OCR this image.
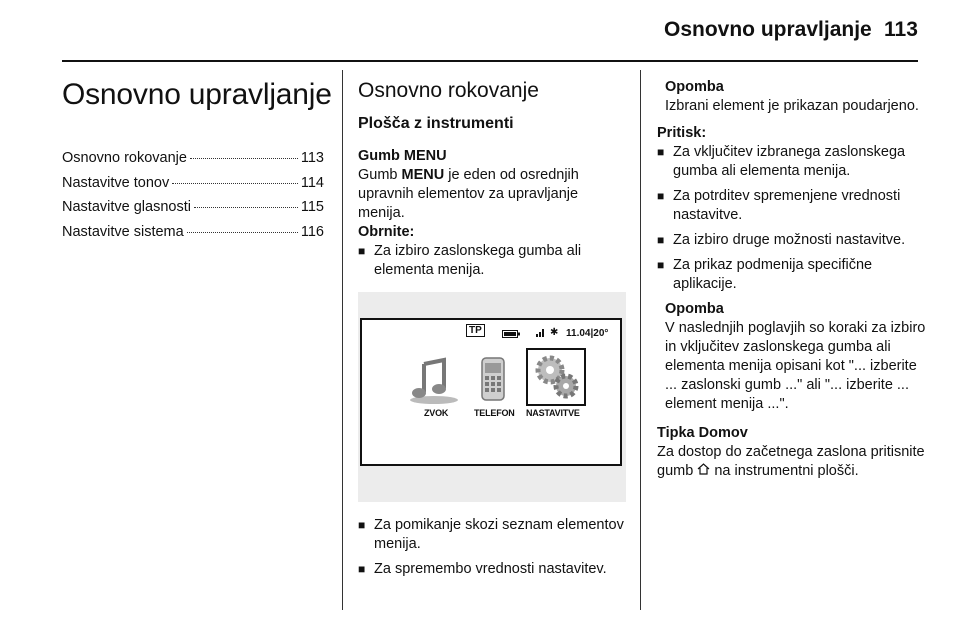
Osnovno upravljanje 113
Osnovno upravljanje
Osnovno rokovanje	113
Nastavitve tonov	114
Nastavitve glasnosti	115
Nastavitve sistema	116
Osnovno rokovanje
Plošča z instrumenti
Gumb MENU

Gumb MENU je eden od osrednjih upravnih elementov za upravljanje menija.

Obrnite:
■ Za izbiro zaslonskega gumba ali elementa menija.
TP	✱ 11.04|20°
ZVOK	TELEFON NASTAVITVE
■ Za pomikanje skozi seznam elementov menija.
■ Za spremembo vrednosti nastavitev.
Opomba

Izbrani element je prikazan poudarjeno.

Pritisk:
■ Za vključitev izbranega zaslonskega gumba ali elementa menija.
■ Za potrditev spremenjene vrednosti nastavitve.
■ Za izbiro druge možnosti nastavitve.
■ Za prikaz podmenija specifične aplikacije.
Opomba

V naslednjih poglavjih so koraki za izbiro in vključitev zaslonskega gumba ali elementa menija opisani kot "... izberite ... zaslonski gumb ..." ali "... izberite ... element menija ...".

Tipka Domov

Za dostop do začetnega zaslona pritisnite gumb na instrumentni plošči.
